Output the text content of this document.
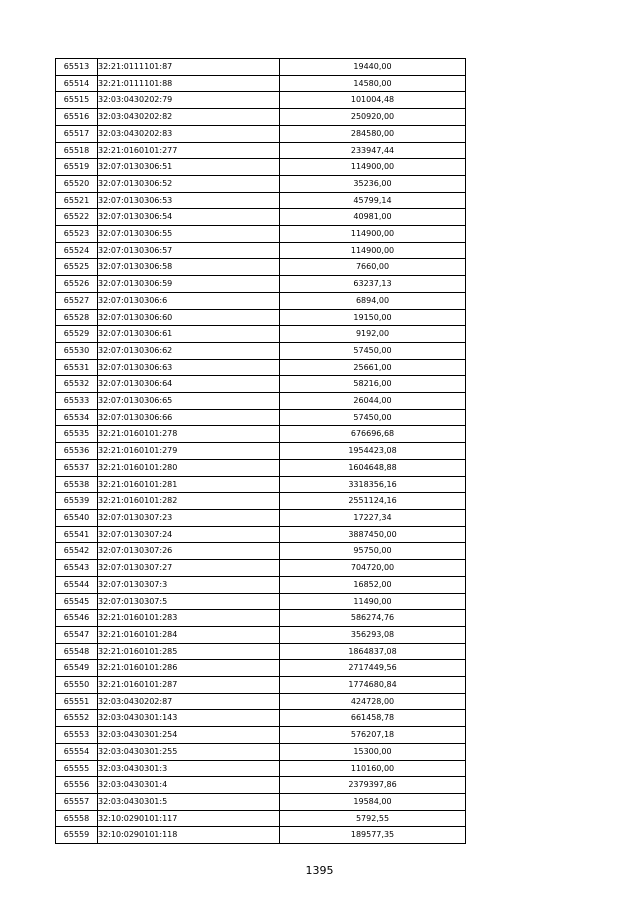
65513	32:21:0111101:87	19440,00
65514	32:21:0111101:88	14580,00
65515	32:03:0430202:79	101004,48
65516	32:03:0430202:82	250920,00
65517	32:03:0430202:83	284580,00
65518	32:21:0160101:277	233947,44
65519	32:07:0130306:51	114900,00
65520	32:07:0130306:52	35236,00
65521	32:07:0130306:53	45799,14
65522	32:07:0130306:54	40981,00
65523	32:07:0130306:55	114900,00
65524	32:07:0130306:57	114900,00
65525	32:07:0130306:58	7660,00
65526	32:07:0130306:59	63237,13
65527	32:07:0130306:6	6894,00
65528	32:07:0130306:60	19150,00
65529	32:07:0130306:61	9192,00
65530	32:07:0130306:62	57450,00
65531	32:07:0130306:63	25661,00
65532	32:07:0130306:64	58216,00
65533	32:07:0130306:65	26044,00
65534	32:07:0130306:66	57450,00
65535	32:21:0160101:278	676696,68
65536	32:21:0160101:279	1954423,08
65537	32:21:0160101:280	1604648,88
65538	32:21:0160101:281	3318356,16
65539	32:21:0160101:282	2551124,16
65540	32:07:0130307:23	17227,34
65541	32:07:0130307:24	3887450,00
65542	32:07:0130307:26	95750,00
65543	32:07:0130307:27	704720,00
65544	32:07:0130307:3	16852,00
65545	32:07:0130307:5	11490,00
65546	32:21:0160101:283	586274,76
65547	32:21:0160101:284	356293,08
65548	32:21:0160101:285	1864837,08
65549	32:21:0160101:286	2717449,56
65550	32:21:0160101:287	1774680,84
65551	32:03:0430202:87	424728,00
65552	32:03:0430301:143	661458,78
65553	32:03:0430301:254	576207,18
65554	32:03:0430301:255	15300,00
65555	32:03:0430301:3	110160,00
65556	32:03:0430301:4	2379397,86
65557	32:03:0430301:5	19584,00
65558	32:10:0290101:117	5792,55
65559	32:10:0290101:118	189577,35
1395
